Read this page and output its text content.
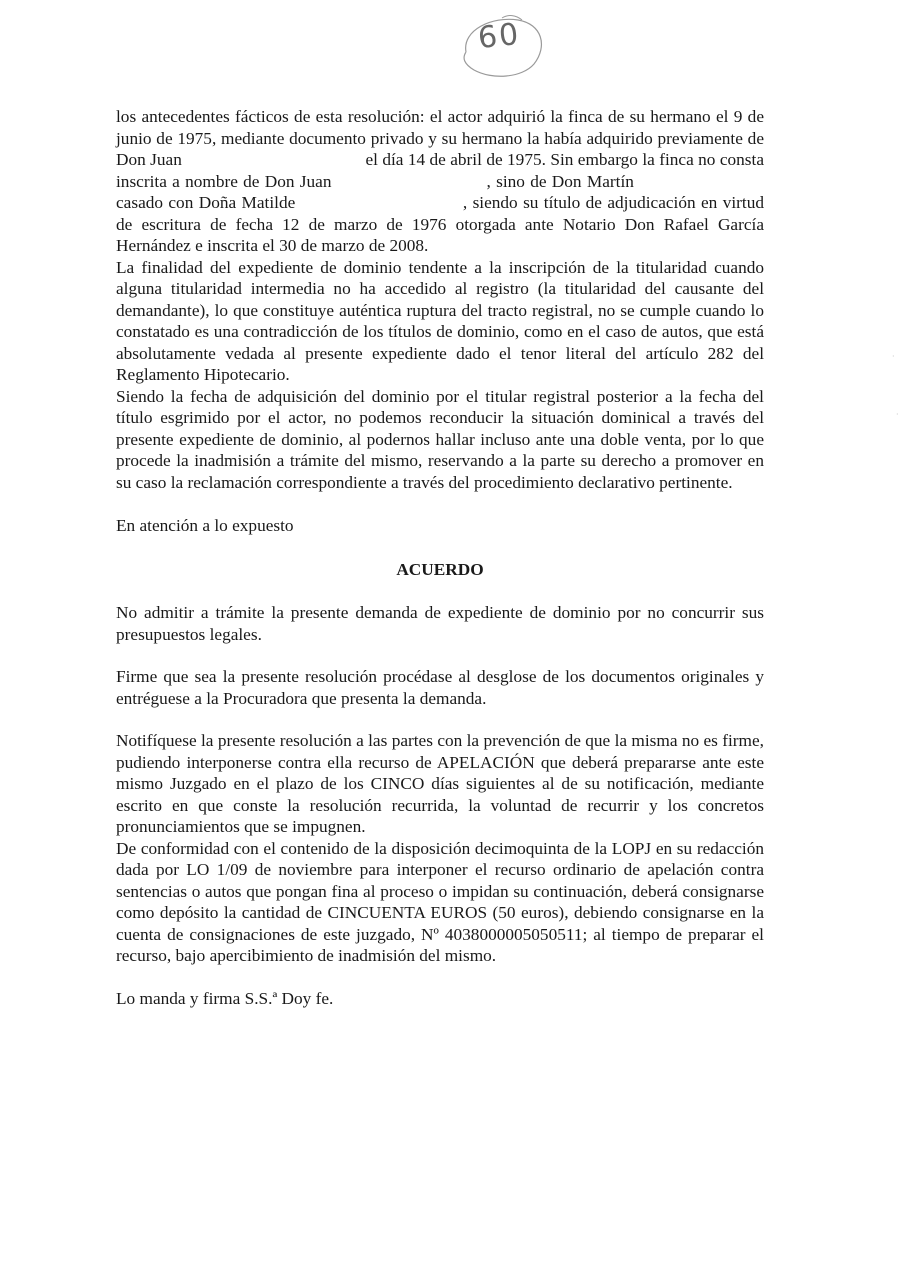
60
·
·

los antecedentes fácticos de esta resolución: el actor adquirió la finca de su hermano el 9 de junio de 1975, mediante documento privado y su hermano la había adquirido previamente de Don Juan	el día 14 de abril de 1975. Sin embargo la finca no consta inscrita a nombre de Don Juan	, sino de Don Martín  casado con Doña Matilde	, siendo su título de adjudicación en virtud de escritura de fecha 12 de marzo de 1976 otorgada ante Notario Don Rafael García Hernández e inscrita el 30 de marzo de 2008.

La finalidad del expediente de dominio tendente a la inscripción de la titularidad cuando alguna titularidad intermedia no ha accedido al registro (la titularidad del causante del demandante), lo que constituye auténtica ruptura del tracto registral, no se cumple cuando lo constatado es una contradicción de los títulos de dominio, como en el caso de autos, que está absolutamente vedada al presente expediente dado el tenor literal del artículo 282 del Reglamento Hipotecario.

Siendo la fecha de adquisición del dominio por el titular registral posterior a la fecha del título esgrimido por el actor, no podemos reconducir la situación dominical a través del presente expediente de dominio, al podernos hallar incluso ante una doble venta, por lo que procede la inadmisión a trámite del mismo, reservando a la parte su derecho a promover en su caso la reclamación correspondiente a través del procedimiento declarativo pertinente.

En atención a lo expuesto

ACUERDO

No admitir a trámite la presente demanda de expediente de dominio por no concurrir sus presupuestos legales.

Firme que sea la presente resolución procédase al desglose de los documentos originales y entréguese a la Procuradora que presenta la demanda.

Notifíquese la presente resolución a las partes con la prevención de que la misma no es firme, pudiendo interponerse contra ella recurso de APELACIÓN que deberá prepararse ante este mismo Juzgado en el plazo de los CINCO días siguientes al de su notificación, mediante escrito en que conste la resolución recurrida, la voluntad de recurrir y los concretos pronunciamientos que se impugnen.

De conformidad con el contenido de la disposición decimoquinta de la LOPJ en su redacción dada por LO 1/09 de noviembre para interponer el recurso ordinario de apelación contra sentencias o autos que pongan fina al proceso o impidan su continuación, deberá consignarse como depósito la cantidad de CINCUENTA EUROS (50 euros), debiendo consignarse en la cuenta de consignaciones de este juzgado, Nº 4038000005050511; al tiempo de preparar el recurso, bajo apercibimiento de inadmisión del mismo.

Lo manda y firma S.S.ª Doy fe.
